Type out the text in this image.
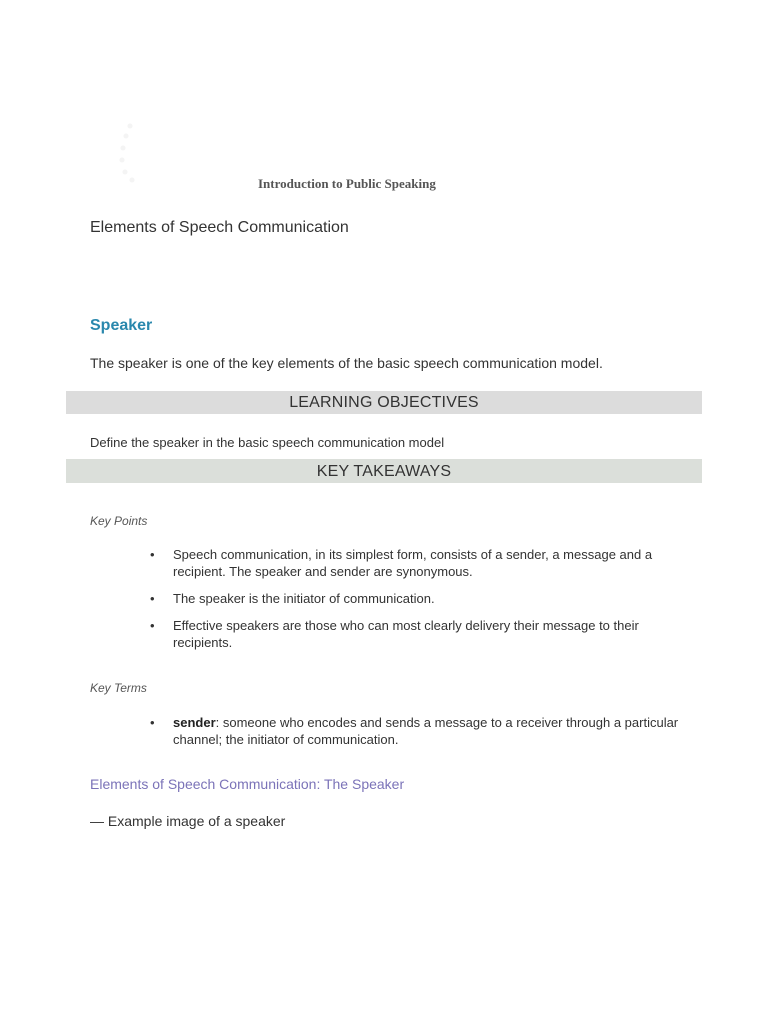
Introduction to Public Speaking
Elements of Speech Communication
Speaker
The speaker is one of the key elements of the basic speech communication model.
LEARNING OBJECTIVES
Define the speaker in the basic speech communication model
KEY TAKEAWAYS
Key Points
• Speech communication, in its simplest form, consists of a sender, a message and a recipient. The speaker and sender are synonymous.
• The speaker is the initiator of communication.
• Effective speakers are those who can most clearly delivery their message to their recipients.
Key Terms
• sender: someone who encodes and sends a message to a receiver through a particular channel; the initiator of communication.
Elements of Speech Communication: The Speaker
— Example image of a speaker
